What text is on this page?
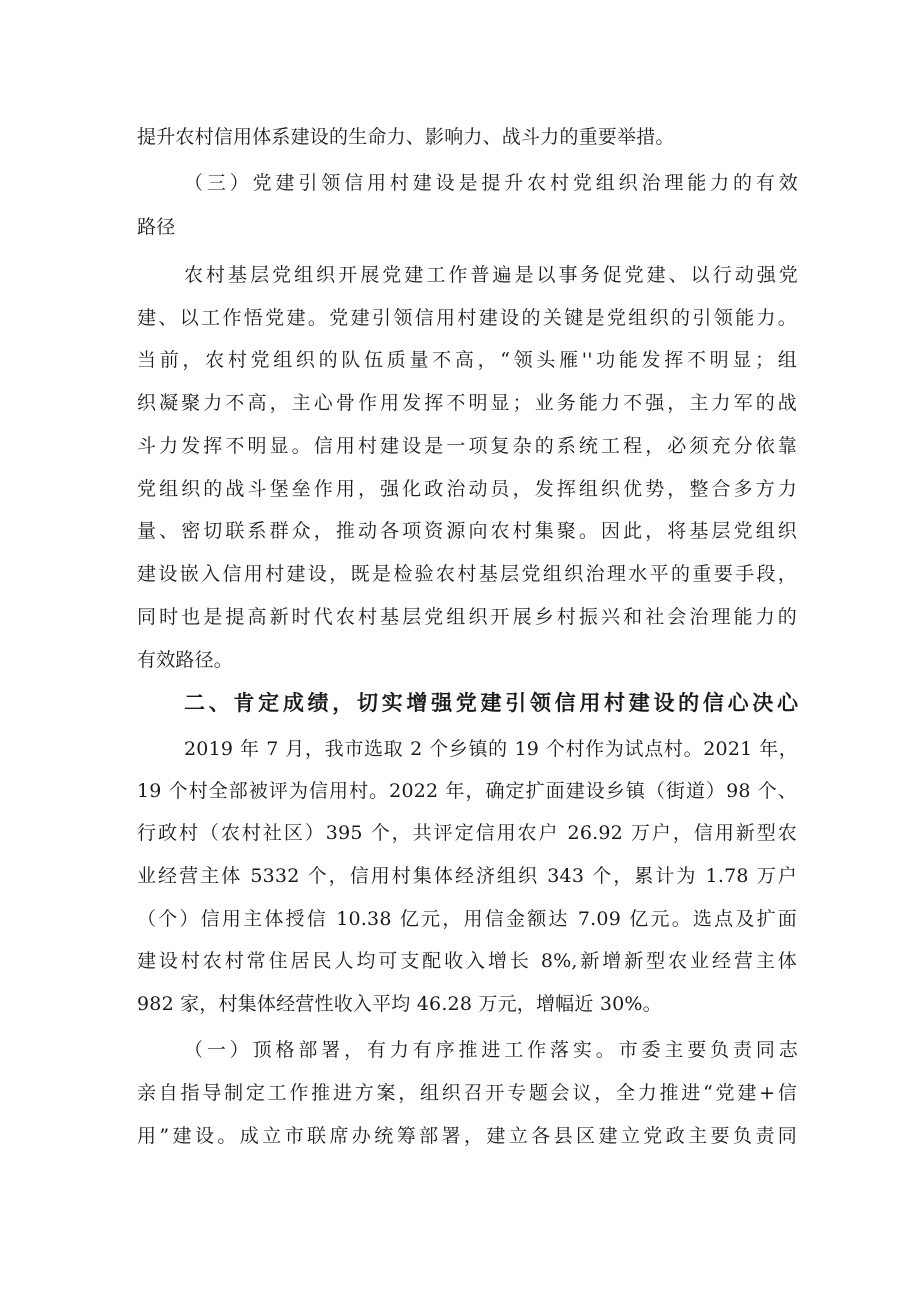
提升农村信用体系建设的生命力、影响力、战斗力的重要举措。
（三）党建引领信用村建设是提升农村党组织治理能力的有效
路径
农村基层党组织开展党建工作普遍是以事务促党建、以行动强党
建、以工作悟党建。党建引领信用村建设的关键是党组织的引领能力。
当前，农村党组织的队伍质量不高，“领头雁''功能发挥不明显；组
织凝聚力不高，主心骨作用发挥不明显；业务能力不强，主力军的战
斗力发挥不明显。信用村建设是一项复杂的系统工程，必须充分依靠
党组织的战斗堡垒作用，强化政治动员，发挥组织优势，整合多方力
量、密切联系群众，推动各项资源向农村集聚。因此，将基层党组织
建设嵌入信用村建设，既是检验农村基层党组织治理水平的重要手段，
同时也是提高新时代农村基层党组织开展乡村振兴和社会治理能力的
有效路径。
二、肯定成绩，切实增强党建引领信用村建设的信心决心
2019 年 7 月，我市选取 2 个乡镇的 19 个村作为试点村。2021 年，
19 个村全部被评为信用村。2022 年，确定扩面建设乡镇（街道）98 个、
行政村（农村社区）395 个，共评定信用农户 26.92 万户，信用新型农
业经营主体 5332 个，信用村集体经济组织 343 个，累计为 1.78 万户
（个）信用主体授信 10.38 亿元，用信金额达 7.09 亿元。选点及扩面
建设村农村常住居民人均可支配收入增长 8%,新增新型农业经营主体
982 家，村集体经营性收入平均 46.28 万元，增幅近 30%。
（一）顶格部署，有力有序推进工作落实。市委主要负责同志
亲自指导制定工作推进方案，组织召开专题会议，全力推进“党建+信
用”建设。成立市联席办统筹部署，建立各县区建立党政主要负责同
